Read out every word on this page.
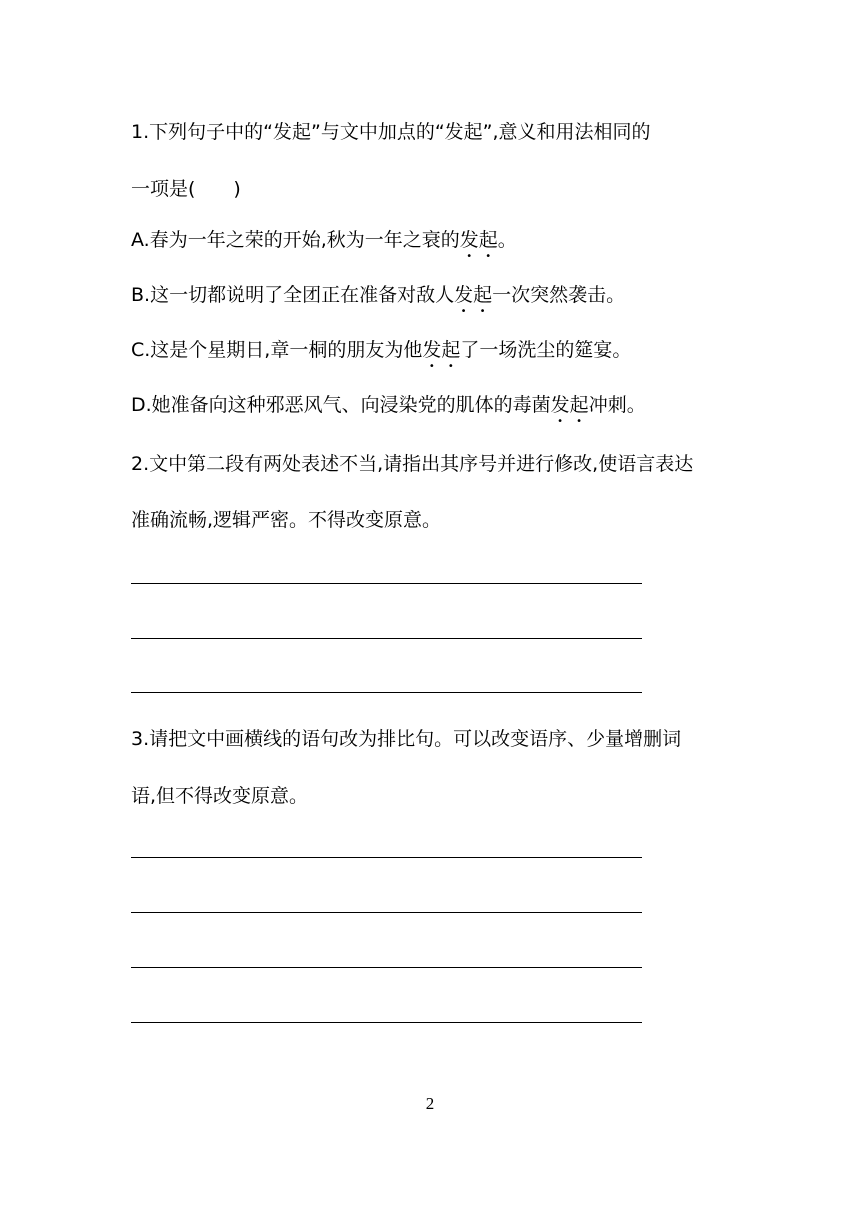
1.下列句子中的“发起”与文中加点的“发起”,意义和用法相同的
一项是(　　)
A.春为一年之荣的开始,秋为一年之衰的发起。
B.这一切都说明了全团正在准备对敌人发起一次突然袭击。
C.这是个星期日,章一桐的朋友为他发起了一场洗尘的筵宴。
D.她准备向这种邪恶风气、向浸染党的肌体的毒菌发起冲刺。
2.文中第二段有两处表述不当,请指出其序号并进行修改,使语言表达
准确流畅,逻辑严密。不得改变原意。
3.请把文中画横线的语句改为排比句。可以改变语序、少量增删词
语,但不得改变原意。
2
